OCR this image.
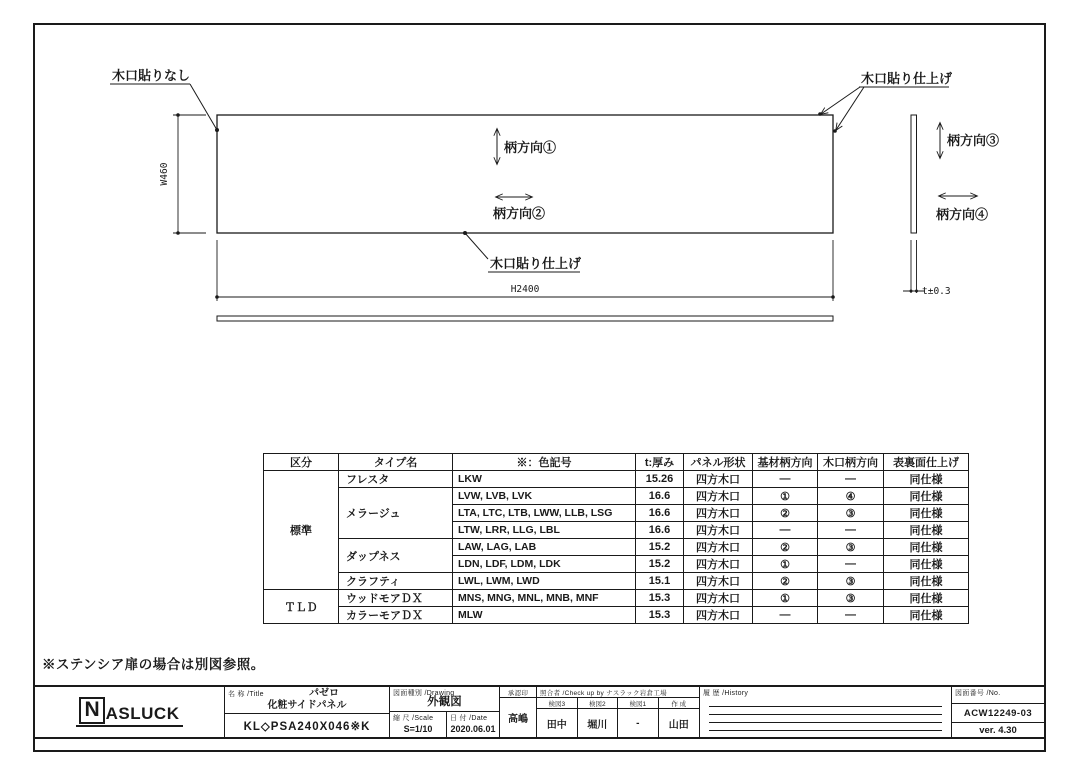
W460
H2400	t±0.3
木口貼りなし	木口貼り仕上げ
木口貼り仕上げ
柄方向①
柄方向②
柄方向③
柄方向④
区分	タイプ名	※：色記号	t:厚み	パネル形状	基材柄方向	木口柄方向	表裏面仕上げ
標準	フレスタ	LKW	15.26	四方木口	―	―	同仕様
	メラージュ	LVW, LVB, LVK	16.6	四方木口	①	④	同仕様
		LTA, LTC, LTB, LWW, LLB, LSG	16.6	四方木口	②	③	同仕様
		LTW, LRR, LLG, LBL	16.6	四方木口	―	―	同仕様
	ダップネス	LAW, LAG, LAB	15.2	四方木口	②	③	同仕様
		LDN, LDF, LDM, LDK	15.2	四方木口	①	―	同仕様
	クラフティ	LWL, LWM, LWD	15.1	四方木口	②	③	同仕様
ＴＬＤ	ウッドモアＤＸ	MNS, MNG, MNL, MNB, MNF	15.3	四方木口	①	③	同仕様
	カラーモアＤＸ	MLW	15.3	四方木口	―	―	同仕様
※ステンシア扉の場合は別図参照。
N ASLUCK
名 称 /Title	パゼロ
化粧サイドパネル
KL◇PSA240X046※K
図面種別 /Drawing
外観図
縮 尺 /Scale
S=1/10
日 付 /Date
2020.06.01
承認印
高嶋
照合者 /Check up by ナスラック岩倉工場
検図3	検図2	検図1	作 成
田中	堀川	-	山田
履 歴 /History	図面番号 /No.
ACW12249-03
ver. 4.30
